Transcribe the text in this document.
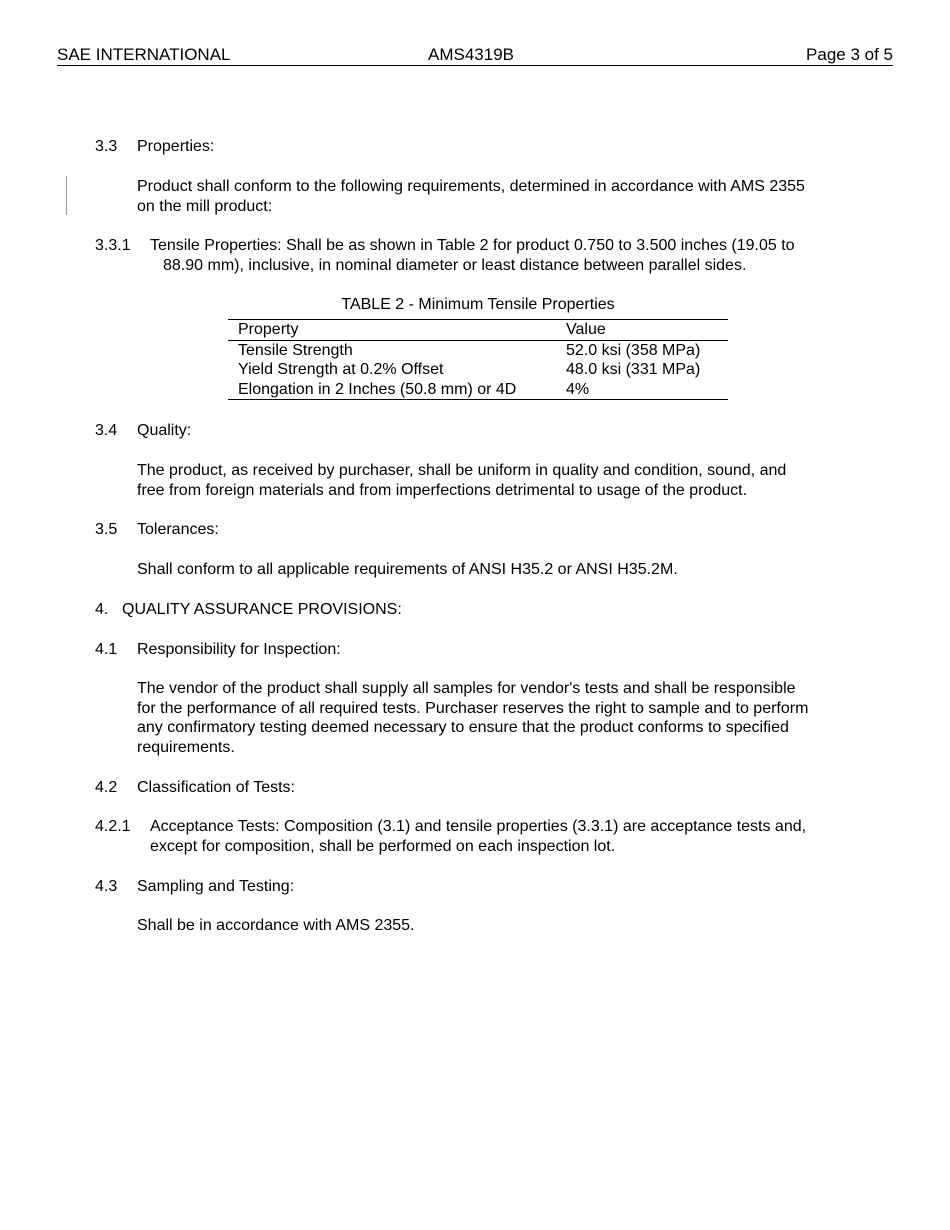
SAE INTERNATIONAL	AMS4319B	Page 3 of 5
3.3 Properties:
Product shall conform to the following requirements, determined in accordance with AMS 2355
on the mill product:
3.3.1 Tensile Properties: Shall be as shown in Table 2 for product 0.750 to 3.500 inches (19.05 to
88.90 mm), inclusive, in nominal diameter or least distance between parallel sides.
TABLE 2 - Minimum Tensile Properties
Property	Value
Tensile Strength	52.0 ksi (358 MPa)
Yield Strength at 0.2% Offset	48.0 ksi (331 MPa)
Elongation in 2 Inches (50.8 mm) or 4D	4%
3.4 Quality:
The product, as received by purchaser, shall be uniform in quality and condition, sound, and
free from foreign materials and from imperfections detrimental to usage of the product.
3.5 Tolerances:
Shall conform to all applicable requirements of ANSI H35.2 or ANSI H35.2M.
4. QUALITY ASSURANCE PROVISIONS:
4.1 Responsibility for Inspection:
The vendor of the product shall supply all samples for vendor's tests and shall be responsible
for the performance of all required tests. Purchaser reserves the right to sample and to perform
any confirmatory testing deemed necessary to ensure that the product conforms to specified
requirements.
4.2 Classification of Tests:
4.2.1 Acceptance Tests: Composition (3.1) and tensile properties (3.3.1) are acceptance tests and,
except for composition, shall be performed on each inspection lot.
4.3 Sampling and Testing:
Shall be in accordance with AMS 2355.
